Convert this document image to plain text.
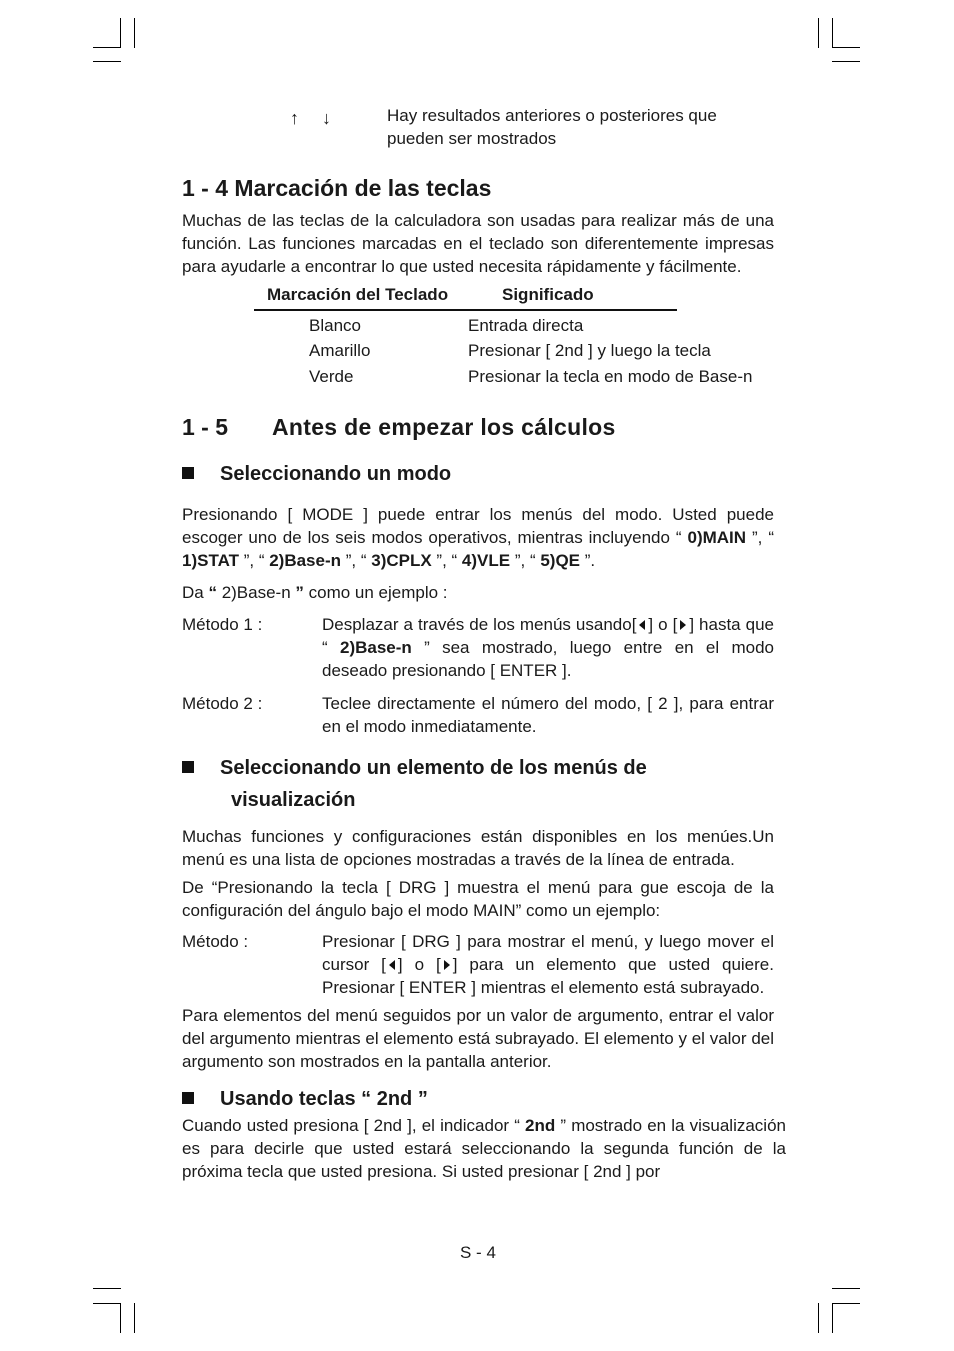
↑ ↓	Hay resultados anteriores o posteriores que
pueden ser mostrados
1 - 4 Marcación de las teclas

Muchas de las teclas de la calculadora son usadas para realizar más de una función. Las funciones marcadas en el teclado son diferentemente impresas para ayudarle a encontrar lo que usted necesita rápidamente y fácilmente.

Marcación del Teclado	Significado
Blanco	Entrada directa
Amarillo	Presionar [ 2nd ] y luego la tecla
Verde	Presionar la tecla en modo de Base-n
1 - 5 Antes de empezar los cálculos
Seleccionando un modo

Presionando [ MODE ] puede entrar los menús del modo. Usted puede escoger uno de los seis modos operativos, mientras incluyendo “ 0)MAIN ”, “ 1)STAT ”, “ 2)Base-n ”, “ 3)CPLX ”, “ 4)VLE ”, “ 5)QE ”.

Da “ 2)Base-n ” como un ejemplo :

Método 1 :	Desplazar a través de los menús usando[ ] o [ ] hasta que “ 2)Base-n ” sea mostrado, luego entre en el modo deseado presionando [ ENTER ].
Método 2 :	Teclee directamente el número del modo, [ 2 ], para entrar en el modo inmediatamente.
Seleccionando un elemento de los menús de
visualización

Muchas funciones y configuraciones están disponibles en los menúes.Un menú es una lista de opciones mostradas a través de la línea de entrada.

De “Presionando la tecla [ DRG ] muestra el menú para gue escoja de la configuración del ángulo bajo el modo MAIN” como un ejemplo:

Método :	Presionar [ DRG ] para mostrar el menú, y luego mover el cursor [ ] o [ ] para un elemento que usted quiere. Presionar [ ENTER ] mientras el elemento está subrayado.

Para elementos del menú seguidos por un valor de argumento, entrar el valor del argumento mientras el elemento está subrayado. El elemento y el valor del argumento son mostrados en la pantalla anterior.

Usando teclas “ 2nd ”

Cuando usted presiona [ 2nd ], el indicador “ 2nd ” mostrado en la visualización es para decirle que usted estará seleccionando la segunda función de la próxima tecla que usted presiona. Si usted presionar [ 2nd ] por

S - 4
